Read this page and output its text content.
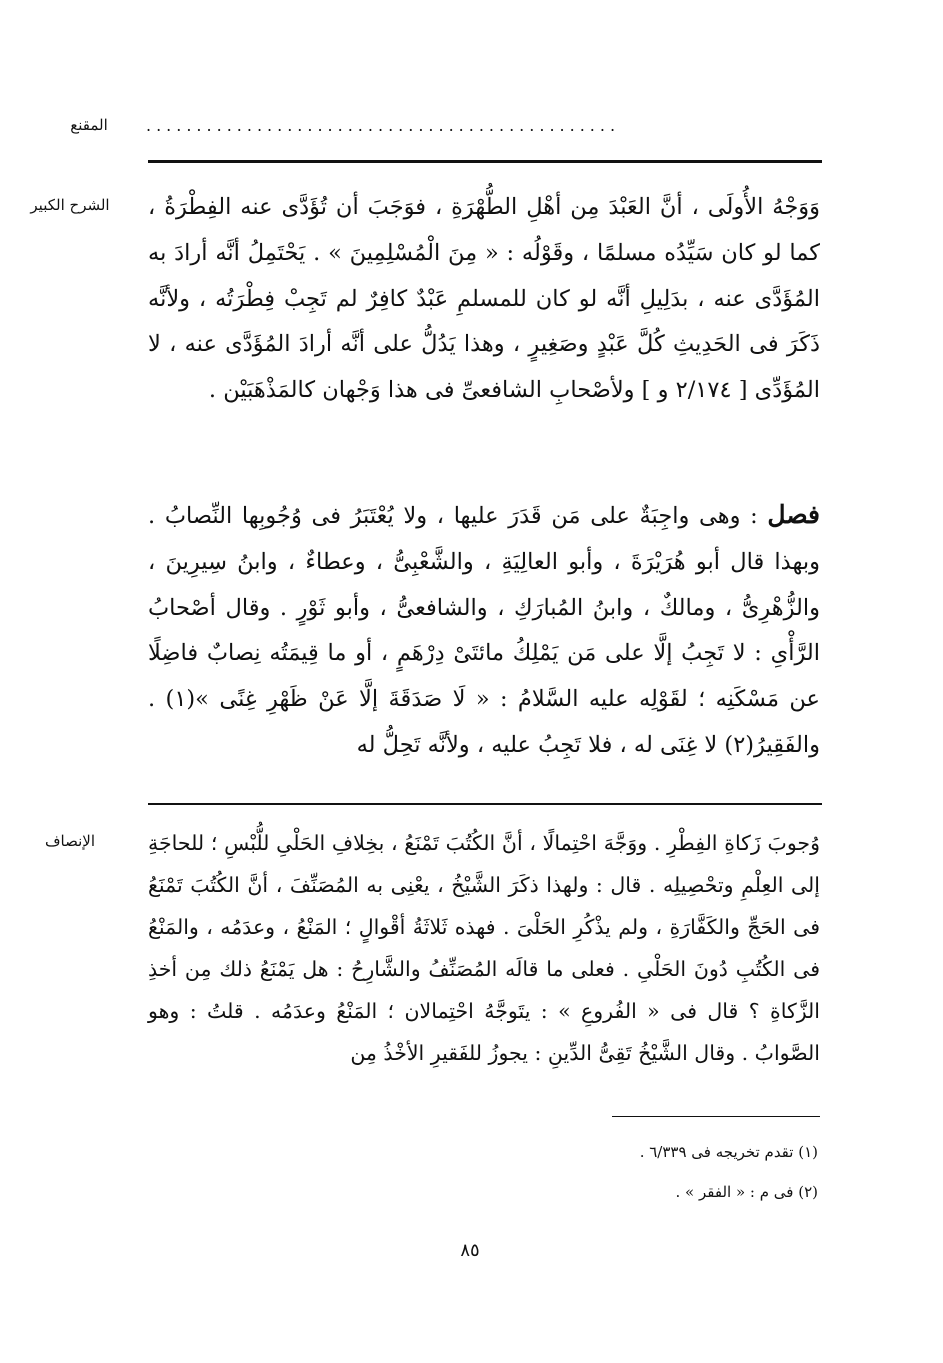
المقنع	...............................................
الشرح الكبير	وَوَجْهُ الأُولَى ، أنَّ العَبْدَ مِن أهْلِ الطُّهْرَةِ ، فوَجَبَ أن تُؤَدَّى عنه الفِطْرَةُ ، كما لو كان سَيِّدُه مسلمًا ، وقَوْلُه : « مِنَ الْمُسْلِمِينَ » . يَحْتَمِلُ أنَّه أرادَ به المُؤَدَّى عنه ، بدَلِيلِ أنَّه لو كان للمسلمِ عَبْدٌ كافِرٌ لم تَجِبْ فِطْرَتُه ، ولأنَّه ذَكَرَ فى الحَدِيثِ كُلَّ عَبْدٍ وصَغِيرٍ ، وهذا يَدُلُّ على أنَّه أرادَ المُؤَدَّى عنه ، لا المُؤَدِّى [ ٢/١٧٤ و ] ولأصْحابِ الشافعىِّ فى هذا وَجْهان كالمَذْهَبَيْن .

فصل : وهى واجِبَةٌ على مَن قَدَرَ عليها ، ولا يُعْتَبَرُ فى وُجُوبِها النِّصابُ . وبهذا قال أبو هُرَيْرَةَ ، وأبو العالِيَةِ ، والشَّعْبِىُّ ، وعطاءٌ ، وابنُ سِيرِينَ ، والزُّهْرِىُّ ، ومالكٌ ، وابنُ المُبارَكِ ، والشافعىُّ ، وأبو ثَوْرٍ . وقال أصْحابُ الرَّأْىِ : لا تَجِبُ إلَّا على مَن يَمْلِكُ مائتَىْ دِرْهَمٍ ، أو ما قِيمَتُه نِصابٌ فاضِلًا عن مَسْكَنِه ؛ لقَوْلِه عليه السَّلامُ : « لَا صَدَقَةَ إلَّا عَنْ ظَهْرِ غِنًى »(١) . والفَقِيرُ(٢) لا غِنَى له ، فلا تَجِبُ عليه ، ولأنَّه تَحِلُّ له

الإنصاف	وُجوبَ زَكاةِ الفِطْرِ . ووَجَّهَ احْتِمالًا ، أنَّ الكُتُبَ تَمْنَعُ ، بخِلافِ الحَلْىِ للُّبْسِ ؛ للحاجَةِ إلى العِلْمِ وتحْصِيلِه . قال : ولهذا ذكَرَ الشَّيْخُ ، يعْنِى به المُصَنِّفَ ، أنَّ الكُتُبَ تَمْنَعُ فى الحَجِّ والكَفَّارَةِ ، ولم يذْكُرِ الحَلْىَ . فهذه ثَلاثَةُ أقْوالٍ ؛ المَنْعُ ، وعدَمُه ، والمَنْعُ فى الكُتُبِ دُونَ الحَلْىِ . فعلى ما قالَه المُصَنِّفُ والشَّارِحُ : هل يَمْنَعُ ذلك مِن أخذِ الزَّكاةِ ؟ قال فى « الفُروعِ » : يتَوجَّهُ احْتِمالان ؛ المَنْعُ وعدَمُه . قلتُ : وهو الصَّوابُ . وقال الشَّيْخُ تَقِىُّ الدِّينِ : يجوزُ للفَقيرِ الأخْذُ مِن

(١) تقدم تخريجه فى ٦/٣٣٩ .
(٢) فى م : « الفقر » .
٨٥
